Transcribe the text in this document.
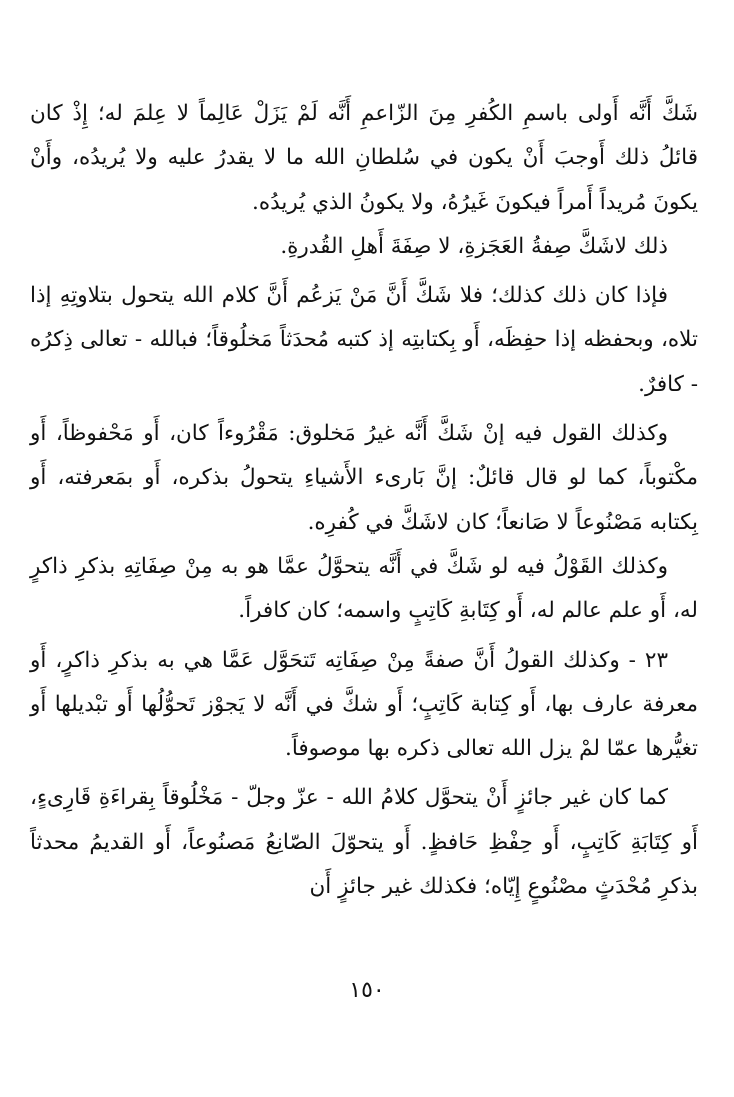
شَكَّ أَنَّه أَولى باسمِ الكُفرِ مِنَ الزّاعمِ أَنَّه لَمْ يَزَلْ عَالِماً لا عِلمَ له؛ إِذْ كان قائلُ ذلك أَوجبَ أَنْ يكون في سُلطانِ الله ما لا يقدرُ عليه ولا يُريدُه، وأَنْ يكونَ مُريداً أَمراً فيكونَ غَيرُهُ، ولا يكونُ الذي يُريدُه.

ذلك لاشَكَّ صِفةُ العَجَزةِ، لا صِفَةَ أَهلِ القُدرةِ.

فإذا كان ذلك كذلك؛ فلا شَكَّ أَنَّ مَنْ يَزعُم أَنَّ كلام الله يتحول بتلاوتِهِ إذا تلاه، وبحفظه إذا حفِظَه، أَو بِكتابتِه إذ كتبه مُحدَثاً مَخلُوقاً؛ فبالله - تعالى ذِكرُه - كافرٌ.

وكذلك القول فيه إنْ شَكَّ أَنَّه غيرُ مَخلوق: مَقْرُوءاً كان، أَو مَحْفوظاً، أَو مكْتوباً، كما لو قال قائلٌ: إنَّ بَارىء الأَشياءِ يتحولُ بذكره، أَو بمَعرفته، أَو بِكتابه مَصْنُوعاً لا صَانعاً؛ كان لاشَكَّ في كُفرِه.

وكذلك القَوْلُ فيه لو شَكَّ في أَنَّه يتحوَّلُ عمَّا هو به مِنْ صِفَاتِهِ بذكرِ ذاكرٍ له، أَو علم عالم له، أَو كِتَابةِ كَاتِبٍ واسمه؛ كان كافراً.

٢٣ - وكذلك القولُ أَنَّ صفةً مِنْ صِفَاتِه تَتحَوَّل عَمَّا هي به بذكرِ ذاكرٍ، أَو معرفة عارف بها، أَو كِتابة كَاتِبٍ؛ أَو شكَّ في أَنَّه لا يَجوْز تَحوُّلُها أَو تبْديلها أَو تغيُّرها عمّا لمْ يزل الله تعالى ذكره بها موصوفاً.

كما كان غير جائزٍ أَنْ يتحوَّل كلامُ الله - عزّ وجلّ - مَخْلُوقاً بِقراءَةِ قَارِىءٍ، أَو كِتَابَةِ كَاتِبٍ، أَو حِفْظِ حَافظٍ. أَو يتحوّلَ الصّانِعُ مَصنُوعاً، أَو القديمُ محدثاً بذكرِ مُحْدَثٍ مصْنُوعٍ إِيّاه؛ فكذلك غير جائزٍ أَن

١٥٠
